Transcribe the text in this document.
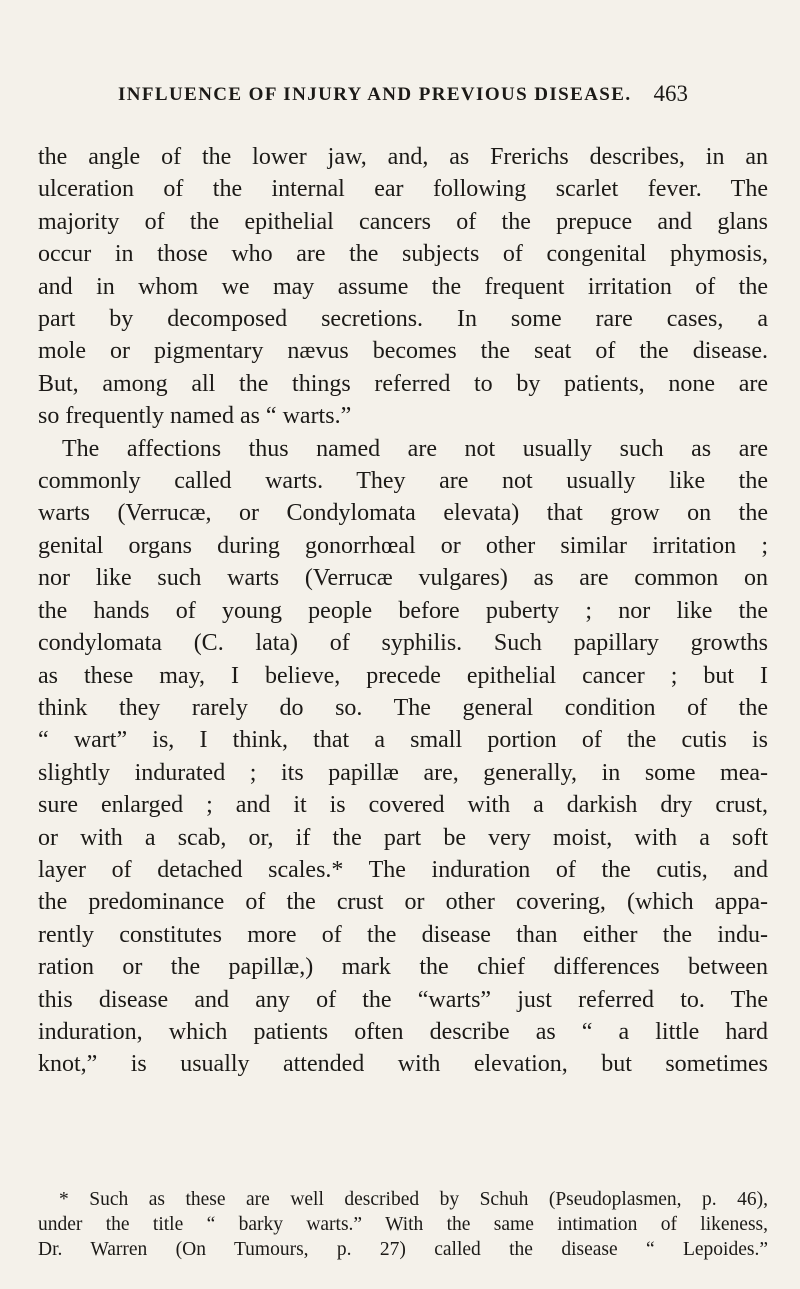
INFLUENCE OF INJURY AND PREVIOUS DISEASE. 463
the angle of the lower jaw, and, as Frerichs describes, in an
ulceration of the internal ear following scarlet fever. The
majority of the epithelial cancers of the prepuce and glans
occur in those who are the subjects of congenital phymosis,
and in whom we may assume the frequent irritation of the
part by decomposed secretions. In some rare cases, a
mole or pigmentary nævus becomes the seat of the disease.
But, among all the things referred to by patients, none are
so frequently named as “ warts.”
The affections thus named are not usually such as are
commonly called warts. They are not usually like the
warts (Verrucæ, or Condylomata elevata) that grow on the
genital organs during gonorrhœal or other similar irritation ;
nor like such warts (Verrucæ vulgares) as are common on
the hands of young people before puberty ; nor like the
condylomata (C. lata) of syphilis. Such papillary growths
as these may, I believe, precede epithelial cancer ; but I
think they rarely do so. The general condition of the
“ wart” is, I think, that a small portion of the cutis is
slightly indurated ; its papillæ are, generally, in some mea-
sure enlarged ; and it is covered with a darkish dry crust,
or with a scab, or, if the part be very moist, with a soft
layer of detached scales.* The induration of the cutis, and
the predominance of the crust or other covering, (which appa-
rently constitutes more of the disease than either the indu-
ration or the papillæ,) mark the chief differences between
this disease and any of the “warts” just referred to. The
induration, which patients often describe as “ a little hard
knot,” is usually attended with elevation, but sometimes
* Such as these are well described by Schuh (Pseudoplasmen, p. 46),
under the title “ barky warts.” With the same intimation of likeness,
Dr. Warren (On Tumours, p. 27) called the disease “ Lepoides.”
